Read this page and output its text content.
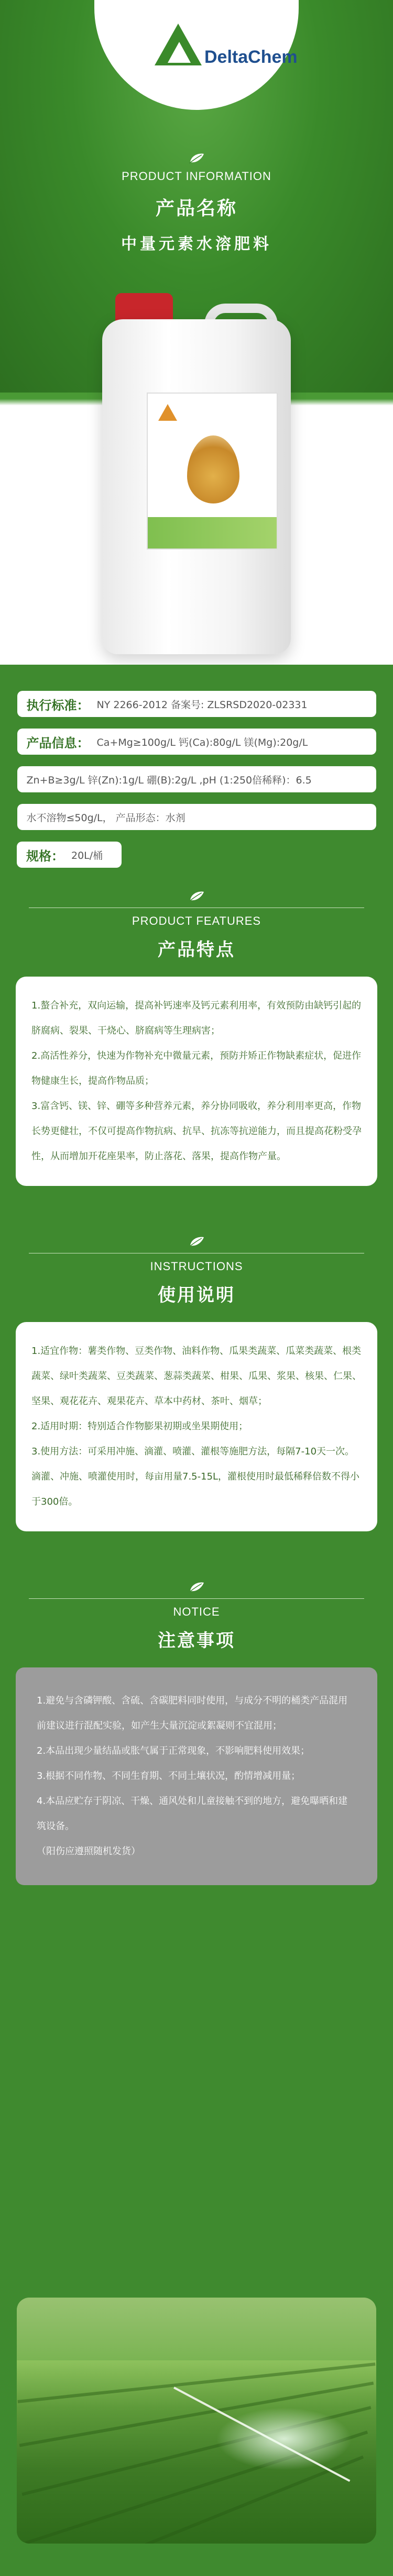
DeltaChem
PRODUCT INFORMATION
产品名称
中量元素水溶肥料
执行标准： NY 2266-2012 备案号: ZLSRSD2020-02331
产品信息： Ca+Mg≥100g/L 钙(Ca):80g/L 镁(Mg):20g/L
Zn+B≥3g/L 锌(Zn):1g/L 硼(B):2g/L ,pH (1:250倍稀释)：6.5
水不溶物≤50g/L， 产品形态：水剂
规格： 20L/桶
PRODUCT FEATURES
产品特点

1.螯合补充，双向运输，提高补钙速率及钙元素利用率，有效预防由缺钙引起的脐腐病、裂果、干烧心、脐腐病等生理病害；

2.高活性养分，快速为作物补充中微量元素，预防并矫正作物缺素症状，促进作物健康生长，提高作物品质；

3.富含钙、镁、锌、硼等多种营养元素，养分协同吸收，养分利用率更高，作物长势更健壮，不仅可提高作物抗病、抗旱、抗冻等抗逆能力，而且提高花粉受孕性，从而增加开花座果率，防止落花、落果，提高作物产量。

INSTRUCTIONS
使用说明

1.适宜作物：薯类作物、豆类作物、油料作物、瓜果类蔬菜、瓜菜类蔬菜、根类蔬菜、绿叶类蔬菜、豆类蔬菜、葱蒜类蔬菜、柑果、瓜果、浆果、核果、仁果、坚果、观花花卉、观果花卉、草本中药材、茶叶、烟草；

2.适用时期：特别适合作物膨果初期或坐果期使用；

3.使用方法：可采用冲施、滴灌、喷灌、灌根等施肥方法，每隔7-10天一次。滴灌、冲施、喷灌使用时，每亩用量7.5-15L，灌根使用时最低稀释倍数不得小于300倍。

NOTICE
注意事项

1.避免与含磷钾酸、含硫、含碳肥料同时使用，与成分不明的桶类产品混用前建议进行混配实验，如产生大量沉淀或絮凝则不宜混用；

2.本品出现少量结晶或胀气属于正常现象，不影响肥料使用效果；

3.根据不同作物、不同生育期、不同土壤状况，酌情增减用量；

4.本品应贮存于阴凉、干燥、通风处和儿童接触不到的地方，避免曝晒和建筑设备。

（阳伤应遵照随机发货）
